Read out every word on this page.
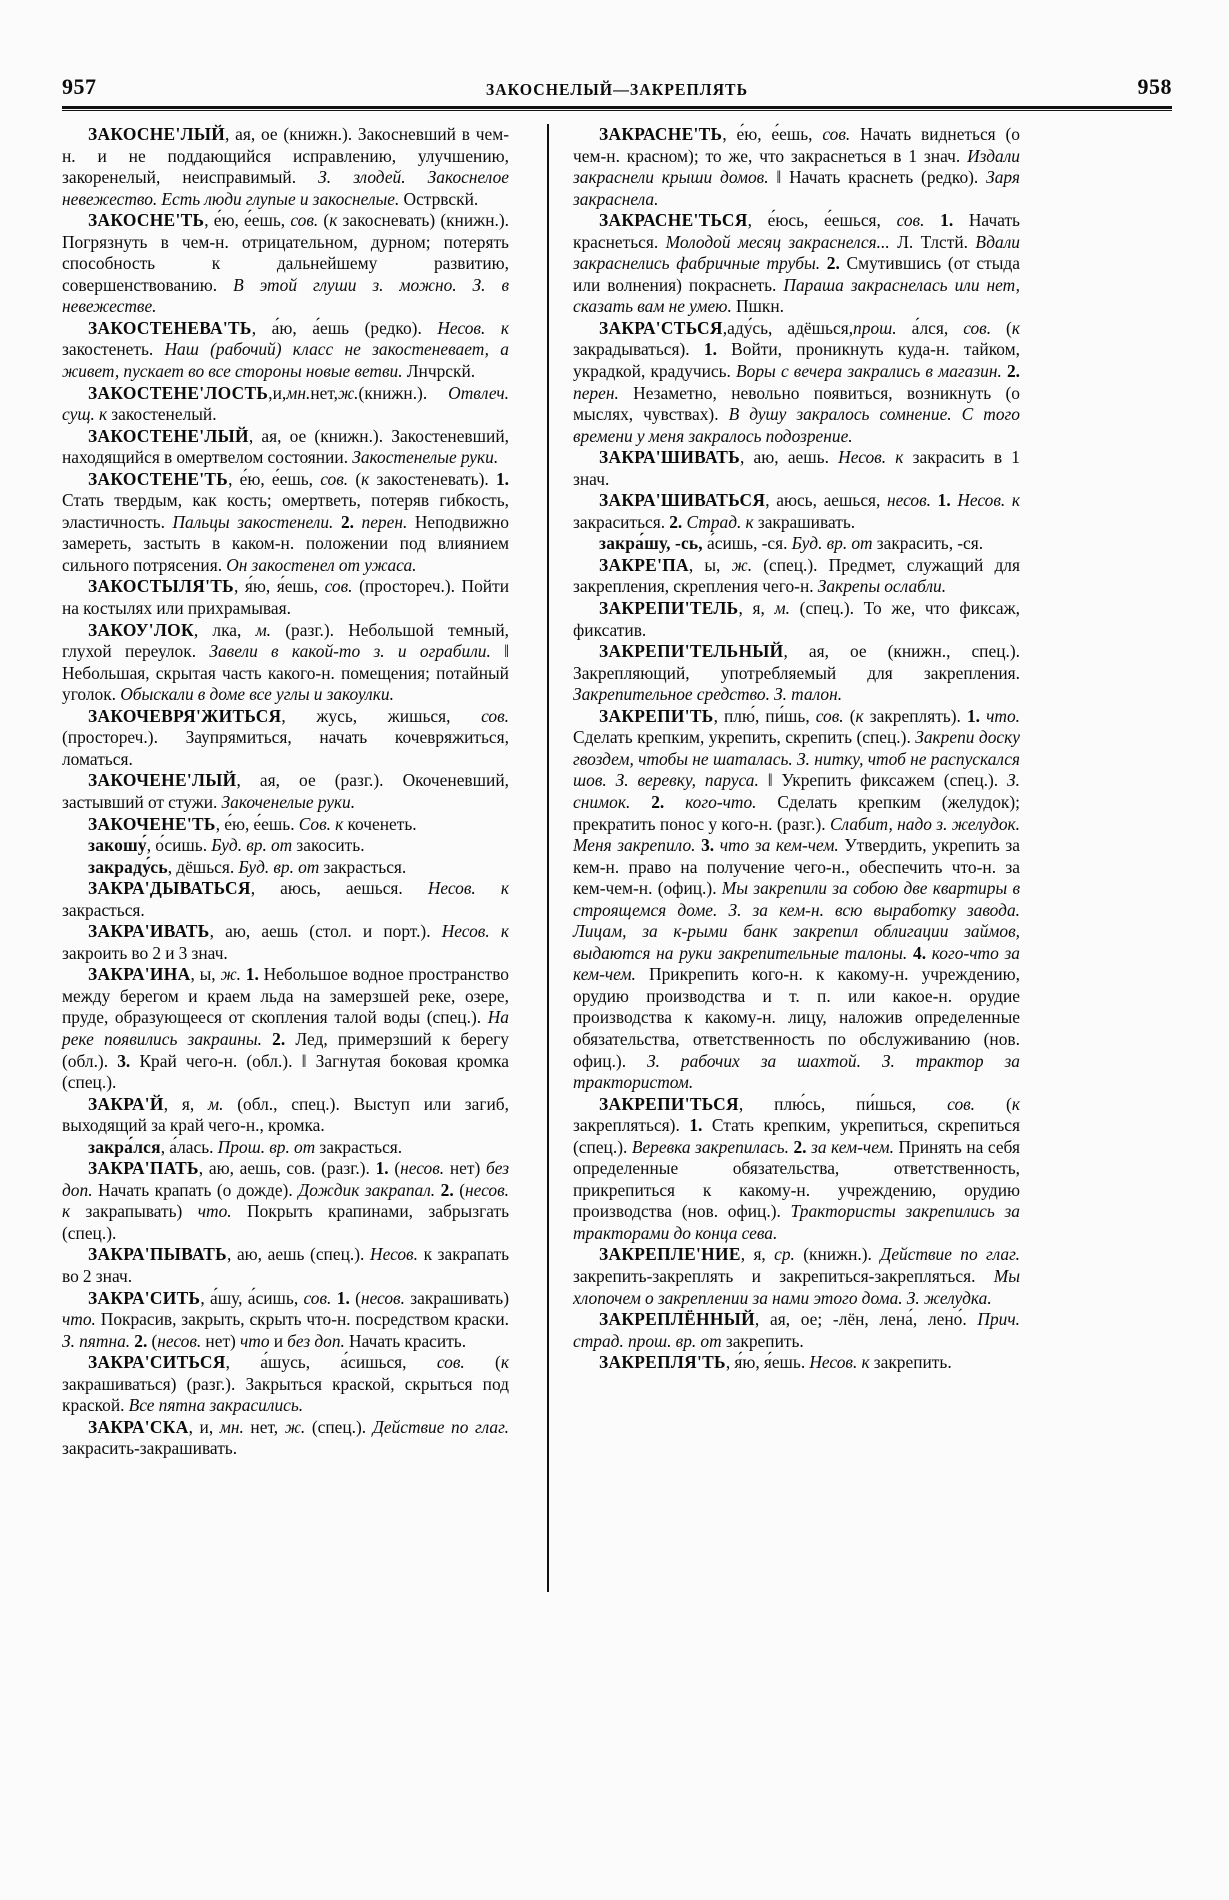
957	ЗАКОСНЕЛЫЙ—ЗАКРЕПЛЯТЬ	958

ЗАКОСНЕ'ЛЫЙ, ая, ое (книжн.). Закосневший в чем-н. и не поддающийся исправлению, улучшению, закоренелый, неисправимый. З. злодей. Закоснелое невежество. Есть люди глупые и закоснелые. Острвскй.

ЗАКОСНЕ'ТЬ, е́ю, е́ешь, сов. (к закосневать) (книжн.). Погрязнуть в чем-н. отрицательном, дурном; потерять способность к дальнейшему развитию, совершенствованию. В этой глуши з. можно. З. в невежестве.

ЗАКОСТЕНЕВА'ТЬ, а́ю, а́ешь (редко). Несов. к закостенеть. Наш (рабочий) класс не закостеневает, а живет, пускает во все стороны новые ветви. Лнчрскй.

ЗАКОСТЕНЕ'ЛОСТЬ,и,мн.нет,ж.(книжн.). Отвлеч. сущ. к закостенелый.

ЗАКОСТЕНЕ'ЛЫЙ, ая, ое (книжн.). Закостеневший, находящийся в омертвелом состоянии. Закостенелые руки.

ЗАКОСТЕНЕ'ТЬ, е́ю, е́ешь, сов. (к закостеневать). 1. Стать твердым, как кость; омертветь, потеряв гибкость, эластичность. Пальцы закостенели. 2. перен. Неподвижно замереть, застыть в каком-н. положении под влиянием сильного потрясения. Он закостенел от ужаса.

ЗАКОСТЫЛЯ'ТЬ, я́ю, я́ешь, сов. (простореч.). Пойти на костылях или прихрамывая.

ЗАКОУ'ЛОК, лка, м. (разг.). Небольшой темный, глухой переулок. Завели в какой-то з. и ограбили. ‖ Небольшая, скрытая часть какого-н. помещения; потайный уголок. Обыскали в доме все углы и закоулки.

ЗАКОЧЕВРЯ'ЖИТЬСЯ, жусь, жишься, сов. (простореч.). Заупрямиться, начать кочевряжиться, ломаться.

ЗАКОЧЕНЕ'ЛЫЙ, ая, ое (разг.). Окоченевший, застывший от стужи. Закоченелые руки.

ЗАКОЧЕНЕ'ТЬ, е́ю, е́ешь. Сов. к коченеть.

закошу́, о́сишь. Буд. вр. от закосить.

закраду́сь, дёшься. Буд. вр. от закрасться.

ЗАКРА'ДЫВАТЬСЯ, аюсь, аешься. Несов. к закрасться.

ЗАКРА'ИВАТЬ, аю, аешь (стол. и порт.). Несов. к закроить во 2 и 3 знач.

ЗАКРА'ИНА, ы, ж. 1. Небольшое водное пространство между берегом и краем льда на замерзшей реке, озере, пруде, образующееся от скопления талой воды (спец.). На реке появились закраины. 2. Лед, примерзший к берегу (обл.). 3. Край чего-н. (обл.). ‖ Загнутая боковая кромка (спец.).

ЗАКРА'Й, я, м. (обл., спец.). Выступ или загиб, выходящий за край чего-н., кромка.

закра́лся, а́лась. Прош. вр. от закрасться.

ЗАКРА'ПАТЬ, аю, аешь, сов. (разг.). 1. (несов. нет) без доп. Начать крапать (о дожде). Дождик закрапал. 2. (несов. к закрапывать) что. Покрыть крапинами, забрызгать (спец.).

ЗАКРА'ПЫВАТЬ, аю, аешь (спец.). Несов. к закрапать во 2 знач.

ЗАКРА'СИТЬ, а́шу, а́сишь, сов. 1. (несов. закрашивать) что. Покрасив, закрыть, скрыть что-н. посредством краски. З. пятна. 2. (несов. нет) что и без доп. Начать красить.

ЗАКРА'СИТЬСЯ, а́шусь, а́сишься, сов. (к закрашиваться) (разг.). Закрыться краской, скрыться под краской. Все пятна закрасились.

ЗАКРА'СКА, и, мн. нет, ж. (спец.). Действие по глаг. закрасить-закрашивать.

ЗАКРАСНЕ'ТЬ, е́ю, е́ешь, сов. Начать виднеться (о чем-н. красном); то же, что закраснеться в 1 знач. Издали закраснели крыши домов. ‖ Начать краснеть (редко). Заря закраснела.

ЗАКРАСНЕ'ТЬСЯ, е́юсь, е́ешься, сов. 1. Начать краснеться. Молодой месяц закраснелся... Л. Тлстй. Вдали закраснелись фабричные трубы. 2. Смутившись (от стыда или волнения) покраснеть. Параша закраснелась или нет, сказать вам не умею. Пшкн.

ЗАКРА'СТЬСЯ,аду́сь, адёшься,прош. а́лся, сов. (к закрадываться). 1. Войти, проникнуть куда-н. тайком, украдкой, крадучись. Воры с вечера закрались в магазин. 2. перен. Незаметно, невольно появиться, возникнуть (о мыслях, чувствах). В душу закралось сомнение. С того времени у меня закралось подозрение.

ЗАКРА'ШИВАТЬ, аю, аешь. Несов. к закрасить в 1 знач.

ЗАКРА'ШИВАТЬСЯ, аюсь, аешься, несов. 1. Несов. к закраситься. 2. Страд. к закрашивать.

закра́шу, -сь, а́сишь, -ся. Буд. вр. от закрасить, -ся.

ЗАКРЕ'ПА, ы, ж. (спец.). Предмет, служащий для закрепления, скрепления чего-н. Закрепы ослабли.

ЗАКРЕПИ'ТЕЛЬ, я, м. (спец.). То же, что фиксаж, фиксатив.

ЗАКРЕПИ'ТЕЛЬНЫЙ, ая, ое (книжн., спец.). Закрепляющий, употребляемый для закрепления. Закрепительное средство. З. талон.

ЗАКРЕПИ'ТЬ, плю́, пи́шь, сов. (к закреплять). 1. что. Сделать крепким, укрепить, скрепить (спец.). Закрепи доску гвоздем, чтобы не шаталась. З. нитку, чтоб не распускался шов. З. веревку, паруса. ‖ Укрепить фиксажем (спец.). З. снимок. 2. кого-что. Сделать крепким (желудок); прекратить понос у кого-н. (разг.). Слабит, надо з. желудок. Меня закрепило. 3. что за кем-чем. Утвердить, укрепить за кем-н. право на получение чего-н., обеспечить что-н. за кем-чем-н. (офиц.). Мы закрепили за собою две квартиры в строящемся доме. З. за кем-н. всю выработку завода. Лицам, за к-рыми банк закрепил облигации займов, выдаются на руки закрепительные талоны. 4. кого-что за кем-чем. Прикрепить кого-н. к какому-н. учреждению, орудию производства и т. п. или какое-н. орудие производства к какому-н. лицу, наложив определенные обязательства, ответственность по обслуживанию (нов. офиц.). З. рабочих за шахтой. З. трактор за трактористом.

ЗАКРЕПИ'ТЬСЯ, плю́сь, пи́шься, сов. (к закрепляться). 1. Стать крепким, укрепиться, скрепиться (спец.). Веревка закрепилась. 2. за кем-чем. Принять на себя определенные обязательства, ответственность, прикрепиться к какому-н. учреждению, орудию производства (нов. офиц.). Трактористы закрепились за тракторами до конца сева.

ЗАКРЕПЛЕ'НИЕ, я, ср. (книжн.). Действие по глаг. закрепить-закреплять и закрепиться-закрепляться. Мы хлопочем о закреплении за нами этого дома. З. желудка.

ЗАКРЕПЛЁННЫЙ, ая, ое; -лён, лена́, лено́. Прич. страд. прош. вр. от закрепить.

ЗАКРЕПЛЯ'ТЬ, я́ю, я́ешь. Несов. к закрепить.
